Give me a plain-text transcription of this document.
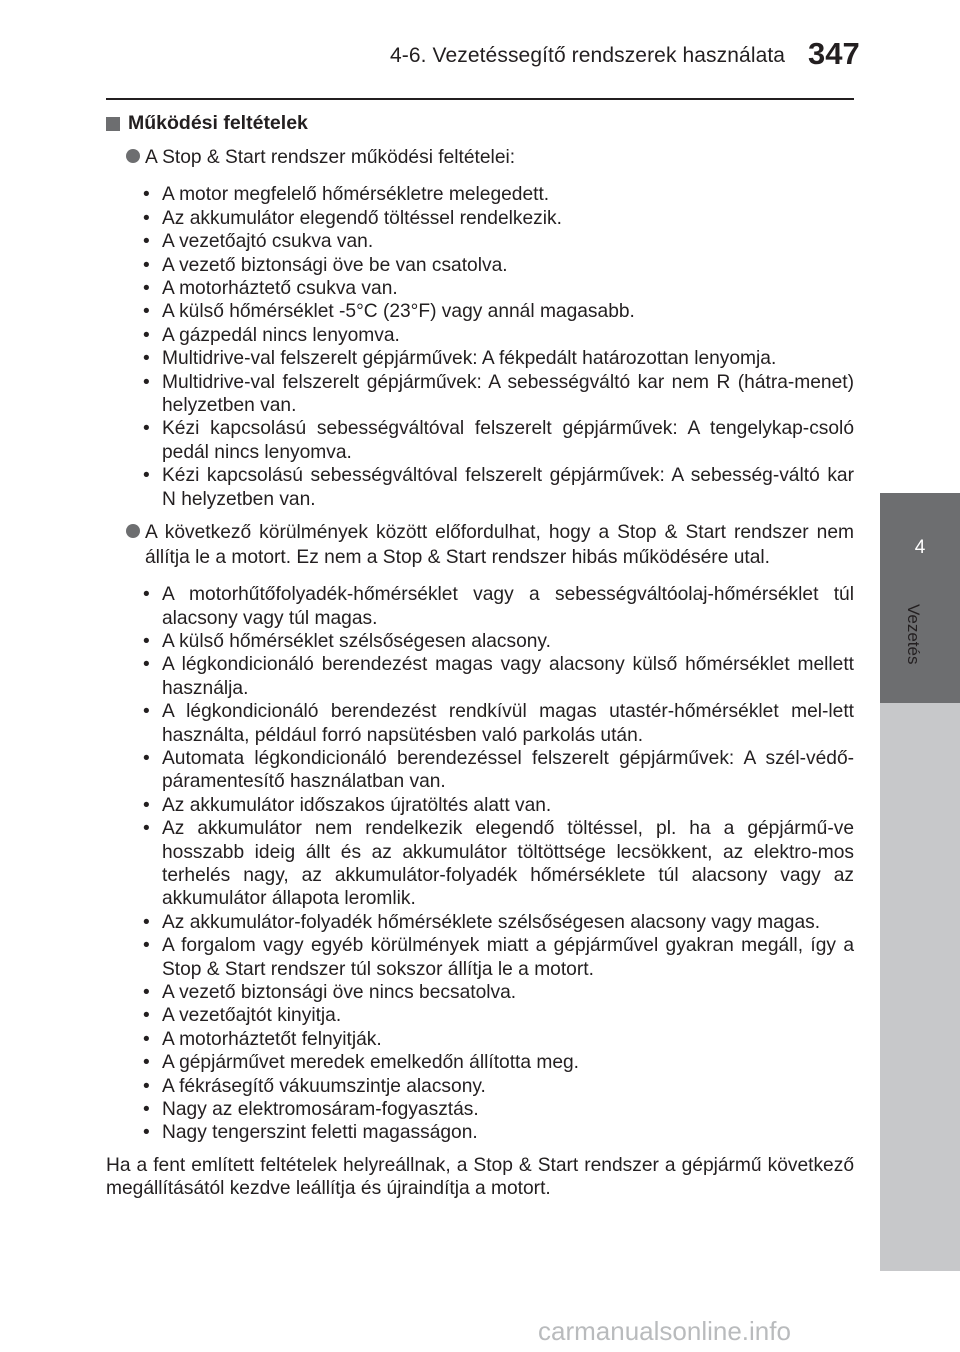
4-6. Vezetéssegítő rendszerek használata 347
4
Vezetés
Működési feltételek
A Stop & Start rendszer működési feltételei:
• A motor megfelelő hőmérsékletre melegedett.
• Az akkumulátor elegendő töltéssel rendelkezik.
• A vezetőajtó csukva van.
• A vezető biztonsági öve be van csatolva.
• A motorháztető csukva van.
• A külső hőmérséklet -5°C (23°F) vagy annál magasabb.
• A gázpedál nincs lenyomva.
• Multidrive-val felszerelt gépjárművek: A fékpedált határozottan lenyomja.
• Multidrive-val felszerelt gépjárművek: A sebességváltó kar nem R (hátra-menet) helyzetben van.
• Kézi kapcsolású sebességváltóval felszerelt gépjárművek: A tengelykap-csoló pedál nincs lenyomva.
• Kézi kapcsolású sebességváltóval felszerelt gépjárművek: A sebesség-váltó kar N helyzetben van.
A következő körülmények között előfordulhat, hogy a Stop & Start rendszer nem állítja le a motort. Ez nem a Stop & Start rendszer hibás működésére utal.
• A motorhűtőfolyadék-hőmérséklet vagy a sebességváltóolaj-hőmérséklet túl alacsony vagy túl magas.
• A külső hőmérséklet szélsőségesen alacsony.
• A légkondicionáló berendezést magas vagy alacsony külső hőmérséklet mellett használja.
• A légkondicionáló berendezést rendkívül magas utastér-hőmérséklet mel-lett használta, például forró napsütésben való parkolás után.
• Automata légkondicionáló berendezéssel felszerelt gépjárművek: A szél-védő-páramentesítő használatban van.
• Az akkumulátor időszakos újratöltés alatt van.
• Az akkumulátor nem rendelkezik elegendő töltéssel, pl. ha a gépjármű-ve hosszabb ideig állt és az akkumulátor töltöttsége lecsökkent, az elektro-mos terhelés nagy, az akkumulátor-folyadék hőmérséklete túl alacsony vagy az akkumulátor állapota leromlik.
• Az akkumulátor-folyadék hőmérséklete szélsőségesen alacsony vagy magas.
• A forgalom vagy egyéb körülmények miatt a gépjárművel gyakran megáll, így a Stop & Start rendszer túl sokszor állítja le a motort.
• A vezető biztonsági öve nincs becsatolva.
• A vezetőajtót kinyitja.
• A motorháztetőt felnyitják.
• A gépjárművet meredek emelkedőn állította meg.
• A fékrásegítő vákuumszintje alacsony.
• Nagy az elektromosáram-fogyasztás.
• Nagy tengerszint feletti magasságon.
Ha a fent említett feltételek helyreállnak, a Stop & Start rendszer a gépjármű következő megállításától kezdve leállítja és újraindítja a motort.
carmanualsonline.info
